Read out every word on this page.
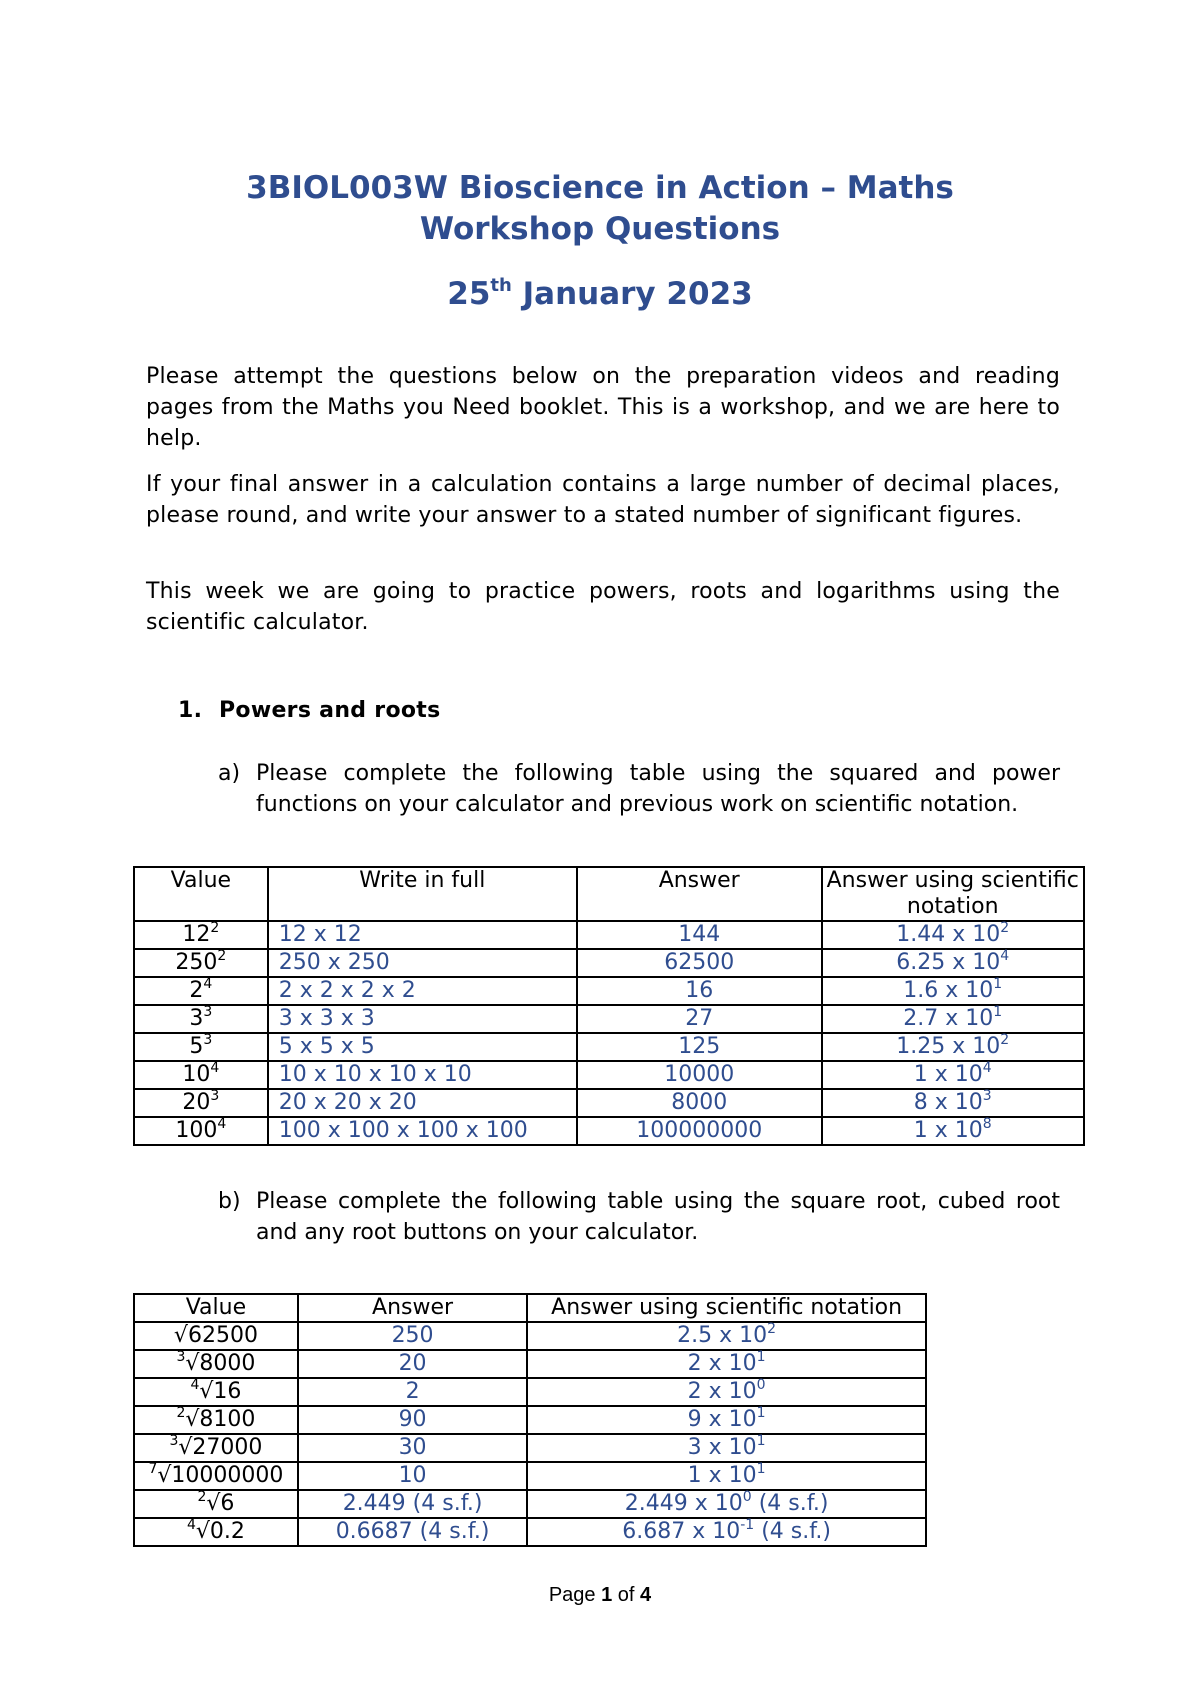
3BIOL003W Bioscience in Action – Maths
Workshop Questions
25th January 2023
Please attempt the questions below on the preparation videos and reading pages from the Maths you Need booklet. This is a workshop, and we are here to help.
If your final answer in a calculation contains a large number of decimal places, please round, and write your answer to a stated number of significant figures.
This week we are going to practice powers, roots and logarithms using the scientific calculator.
1. Powers and roots
a) Please complete the following table using the squared and power functions on your calculator and previous work on scientific notation.
Value	Write in full	Answer	Answer using scientific notation
$12^2$	12 x 12	144	1.44 x $10^2$
$250^2$	250 x 250	62500	6.25 x $10^4$
$2^4$	2 x 2 x 2 x 2	16	1.6 x $10^1$
$3^3$	3 x 3 x 3	27	2.7 x $10^1$
$5^3$	5 x 5 x 5	125	1.25 x $10^2$
$10^4$	10 x 10 x 10 x 10	10000	1 x $10^4$
$20^3$	20 x 20 x 20	8000	8 x $10^3$
$100^4$	100 x 100 x 100 x 100	100000000	1 x $10^8$
b) Please complete the following table using the square root, cubed root and any root buttons on your calculator.
Value	Answer	Answer using scientific notation
√62500	250	2.5 x $10^2$
$^3$√8000	20	2 x $10^1$
$^4$√16	2	2 x $10^0$
$^2$√8100	90	9 x $10^1$
$^3$√27000	30	3 x $10^1$
$^7$√10000000	10	1 x $10^1$
$^2$√6	2.449 (4 s.f.)	2.449 x $10^0$ (4 s.f.)
$^4$√0.2	0.6687 (4 s.f.)	6.687 x $10^{-1}$ (4 s.f.)
Page 1 of 4
